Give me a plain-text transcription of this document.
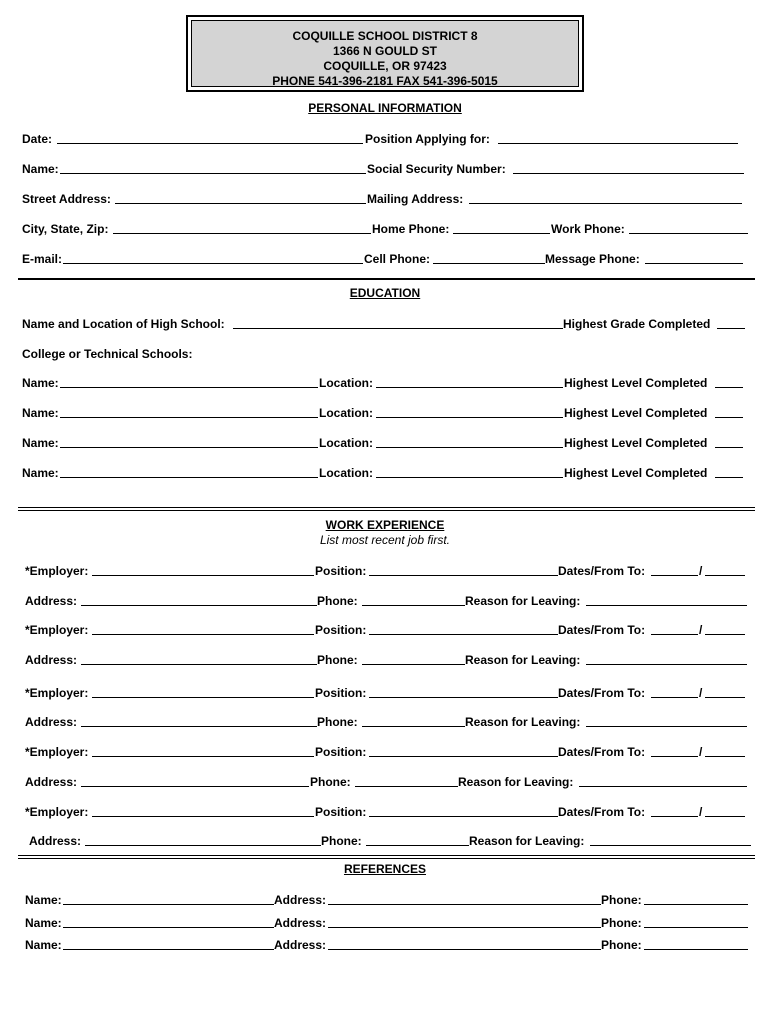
COQUILLE SCHOOL DISTRICT 8
1366 N GOULD ST
COQUILLE, OR 97423
PHONE 541-396-2181 FAX 541-396-5015
PERSONAL INFORMATION
Date:	Position Applying for:
Name:	Social Security Number:
Street Address:	Mailing Address:
City, State, Zip:	Home Phone:	Work Phone:
E-mail:	Cell Phone:	Message Phone:
EDUCATION
Name and Location of High School:	Highest Grade Completed
College or Technical Schools:
Name:	Location:	Highest Level Completed
Name:	Location:	Highest Level Completed
Name:	Location:	Highest Level Completed
Name:	Location:	Highest Level Completed
WORK EXPERIENCE
List most recent job first.
*Employer:	Position:	Dates/From To:	/
Address:	Phone:	Reason for Leaving:
*Employer:	Position:	Dates/From To:	/
Address:	Phone:	Reason for Leaving:
*Employer:	Position:	Dates/From To:	/
Address:	Phone:	Reason for Leaving:
*Employer:	Position:	Dates/From To:	/
Address:	Phone:	Reason for Leaving:
*Employer:	Position:	Dates/From To:	/
Address:	Phone:	Reason for Leaving:
REFERENCES
Name:	Address:	Phone:
Name:	Address:	Phone:
Name:	Address:	Phone:
